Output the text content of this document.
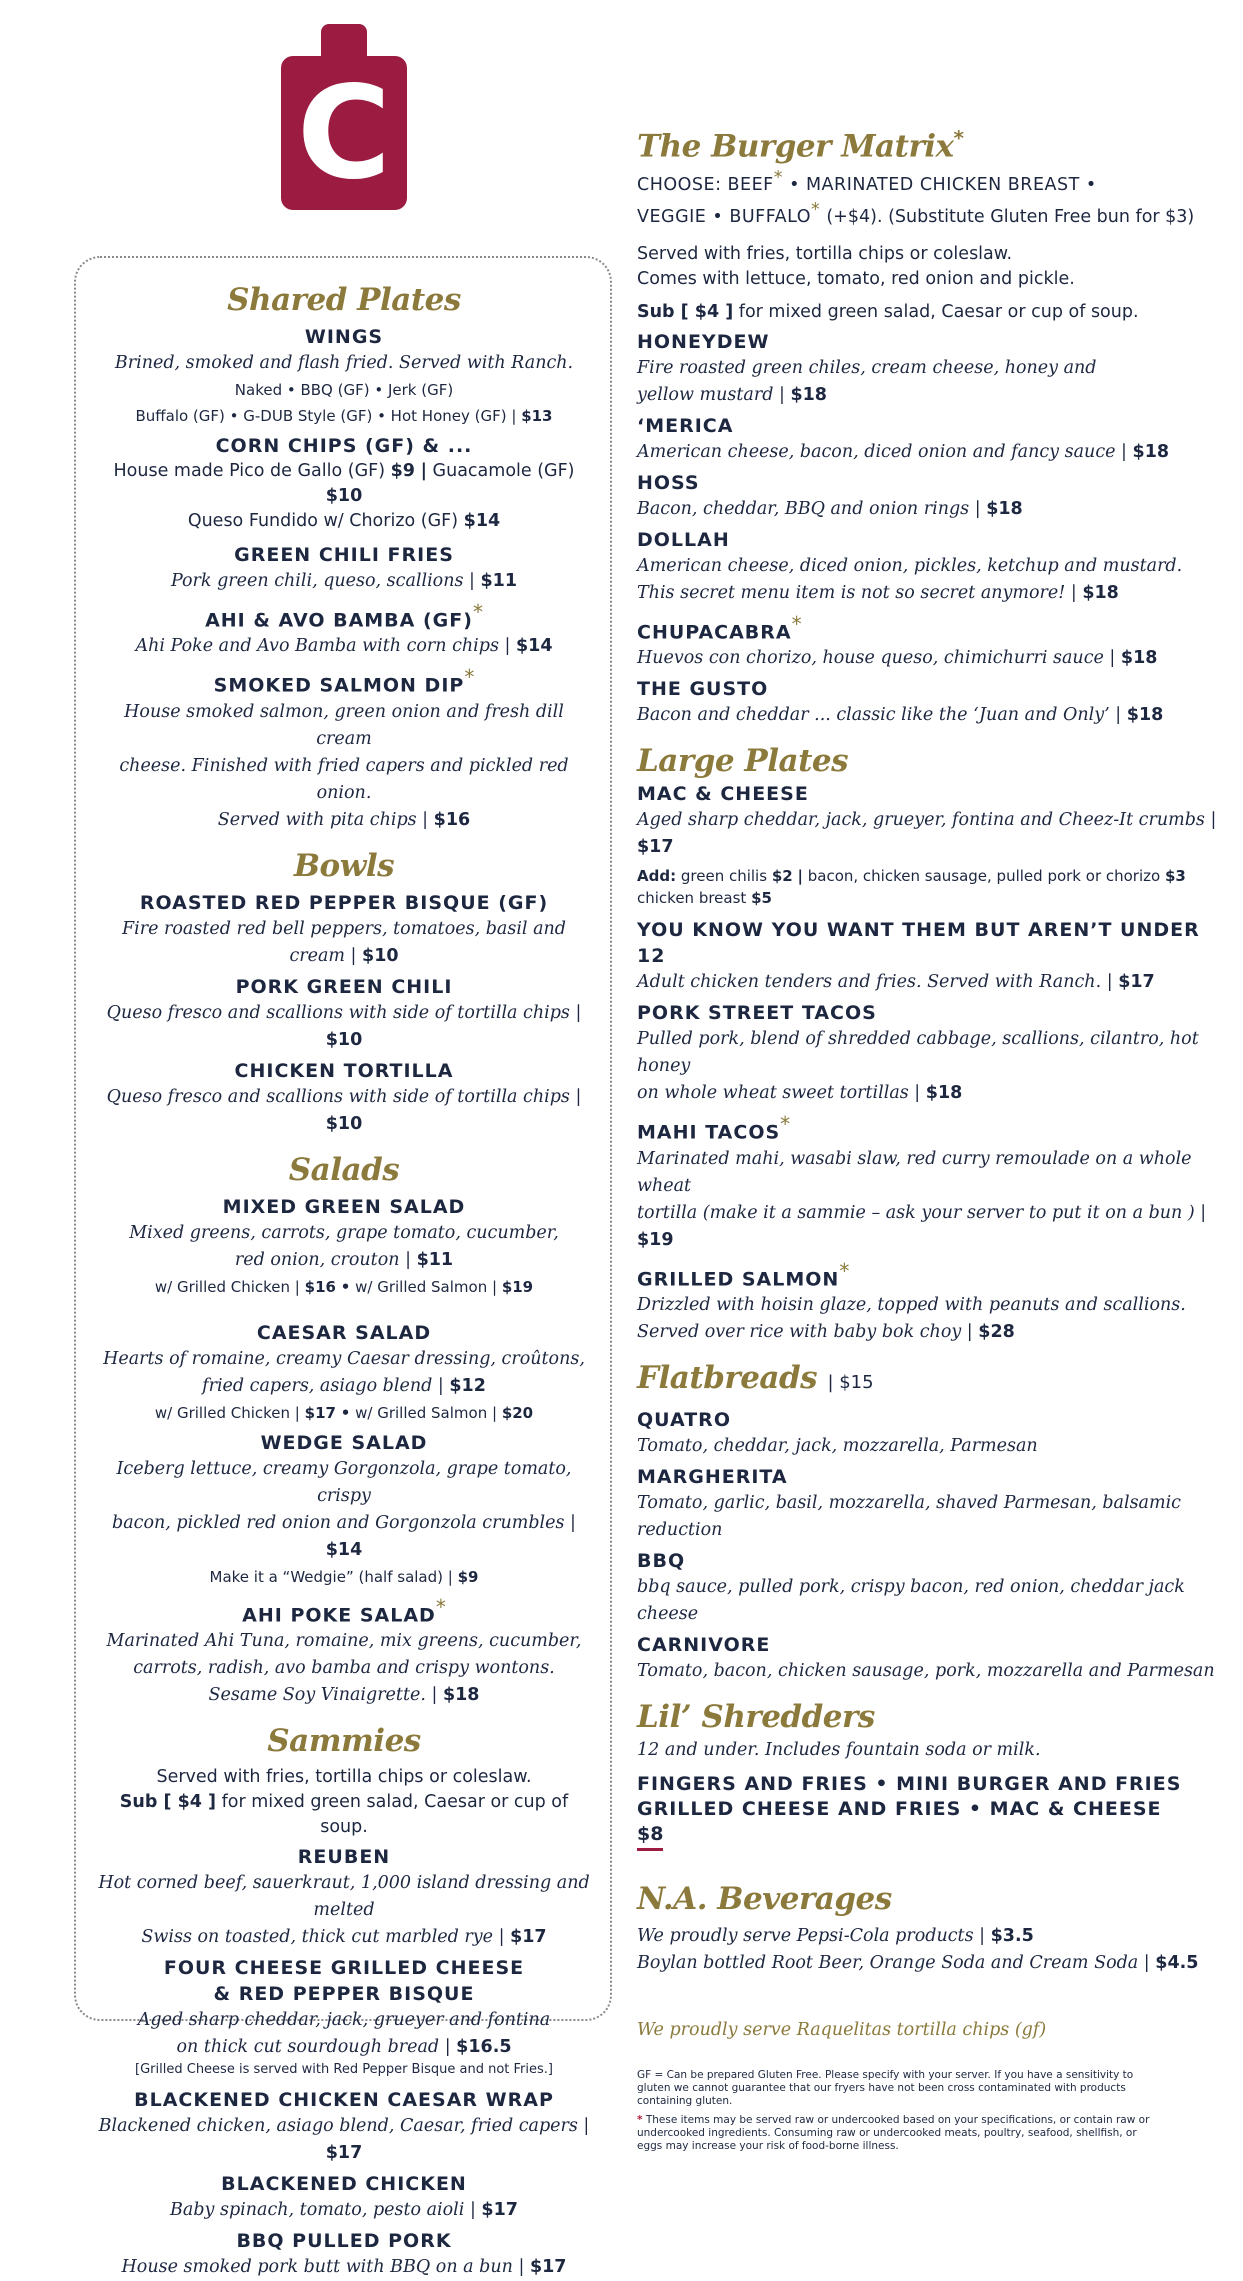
C
Shared Plates
WINGS
Brined, smoked and flash fried. Served with Ranch.
Naked • BBQ (GF) • Jerk (GF)
Buffalo (GF) • G-DUB Style (GF) • Hot Honey (GF) | $13
CORN CHIPS (GF) & ...
House made Pico de Gallo (GF) $9 | Guacamole (GF) $10
Queso Fundido w/ Chorizo (GF) $14
GREEN CHILI FRIES
Pork green chili, queso, scallions | $11
AHI & AVO BAMBA (GF)*
Ahi Poke and Avo Bamba with corn chips | $14
SMOKED SALMON DIP*
House smoked salmon, green onion and fresh dill cream
cheese. Finished with fried capers and pickled red onion.
Served with pita chips | $16
Bowls
ROASTED RED PEPPER BISQUE (GF)
Fire roasted red bell peppers, tomatoes, basil and cream | $10
PORK GREEN CHILI
Queso fresco and scallions with side of tortilla chips | $10
CHICKEN TORTILLA
Queso fresco and scallions with side of tortilla chips | $10
Salads
MIXED GREEN SALAD
Mixed greens, carrots, grape tomato, cucumber,
red onion, crouton | $11
w/ Grilled Chicken | $16 • w/ Grilled Salmon | $19
CAESAR SALAD
Hearts of romaine, creamy Caesar dressing, croûtons,
fried capers, asiago blend | $12
w/ Grilled Chicken | $17 • w/ Grilled Salmon | $20
WEDGE SALAD
Iceberg lettuce, creamy Gorgonzola, grape tomato, crispy
bacon, pickled red onion and Gorgonzola crumbles | $14
Make it a “Wedgie” (half salad) | $9
AHI POKE SALAD*
Marinated Ahi Tuna, romaine, mix greens, cucumber,
carrots, radish, avo bamba and crispy wontons.
Sesame Soy Vinaigrette. | $18
Sammies
Served with fries, tortilla chips or coleslaw.
Sub [ $4 ] for mixed green salad, Caesar or cup of soup.
REUBEN
Hot corned beef, sauerkraut, 1,000 island dressing and melted
Swiss on toasted, thick cut marbled rye | $17
FOUR CHEESE GRILLED CHEESE
& RED PEPPER BISQUE
Aged sharp cheddar, jack, grueyer and fontina
on thick cut sourdough bread | $16.5
[Grilled Cheese is served with Red Pepper Bisque and not Fries.]
BLACKENED CHICKEN CAESAR WRAP
Blackened chicken, asiago blend, Caesar, fried capers | $17
BLACKENED CHICKEN
Baby spinach, tomato, pesto aioli | $17
BBQ PULLED PORK
House smoked pork butt with BBQ on a bun | $17
The Burger Matrix*
CHOOSE: BEEF* • MARINATED CHICKEN BREAST •
VEGGIE • BUFFALO* (+$4). (Substitute Gluten Free bun for $3)
Served with fries, tortilla chips or coleslaw.
Comes with lettuce, tomato, red onion and pickle.
Sub [ $4 ] for mixed green salad, Caesar or cup of soup.
HONEYDEW
Fire roasted green chiles, cream cheese, honey and
yellow mustard | $18
‘MERICA
American cheese, bacon, diced onion and fancy sauce | $18
HOSS
Bacon, cheddar, BBQ and onion rings | $18
DOLLAH
American cheese, diced onion, pickles, ketchup and mustard.
This secret menu item is not so secret anymore! | $18
CHUPACABRA*
Huevos con chorizo, house queso, chimichurri sauce | $18
THE GUSTO
Bacon and cheddar ... classic like the ‘Juan and Only’ | $18
Large Plates
MAC & CHEESE
Aged sharp cheddar, jack, grueyer, fontina and Cheez-It crumbs | $17
Add: green chilis $2 | bacon, chicken sausage, pulled pork or chorizo $3
chicken breast $5
YOU KNOW YOU WANT THEM BUT AREN’T UNDER 12
Adult chicken tenders and fries. Served with Ranch. | $17
PORK STREET TACOS
Pulled pork, blend of shredded cabbage, scallions, cilantro, hot honey
on whole wheat sweet tortillas | $18
MAHI TACOS*
Marinated mahi, wasabi slaw, red curry remoulade on a whole wheat
tortilla (make it a sammie – ask your server to put it on a bun ) | $19
GRILLED SALMON*
Drizzled with hoisin glaze, topped with peanuts and scallions.
Served over rice with baby bok choy | $28
Flatbreads | $15
QUATRO
Tomato, cheddar, jack, mozzarella, Parmesan
MARGHERITA
Tomato, garlic, basil, mozzarella, shaved Parmesan, balsamic reduction
BBQ
bbq sauce, pulled pork, crispy bacon, red onion, cheddar jack cheese
CARNIVORE
Tomato, bacon, chicken sausage, pork, mozzarella and Parmesan
Lil’ Shredders
12 and under. Includes fountain soda or milk.
FINGERS AND FRIES • MINI BURGER AND FRIES
GRILLED CHEESE AND FRIES • MAC & CHEESE
$8
N.A. Beverages
We proudly serve Pepsi-Cola products | $3.5
Boylan bottled Root Beer, Orange Soda and Cream Soda | $4.5
We proudly serve Raquelitas tortilla chips (gf)
GF = Can be prepared Gluten Free. Please specify with your server. If you have a sensitivity to gluten we cannot guarantee that our fryers have not been cross contaminated with products containing gluten.
* These items may be served raw or undercooked based on your specifications, or contain raw or undercooked ingredients. Consuming raw or undercooked meats, poultry, seafood, shellfish, or eggs may increase your risk of food-borne illness.
